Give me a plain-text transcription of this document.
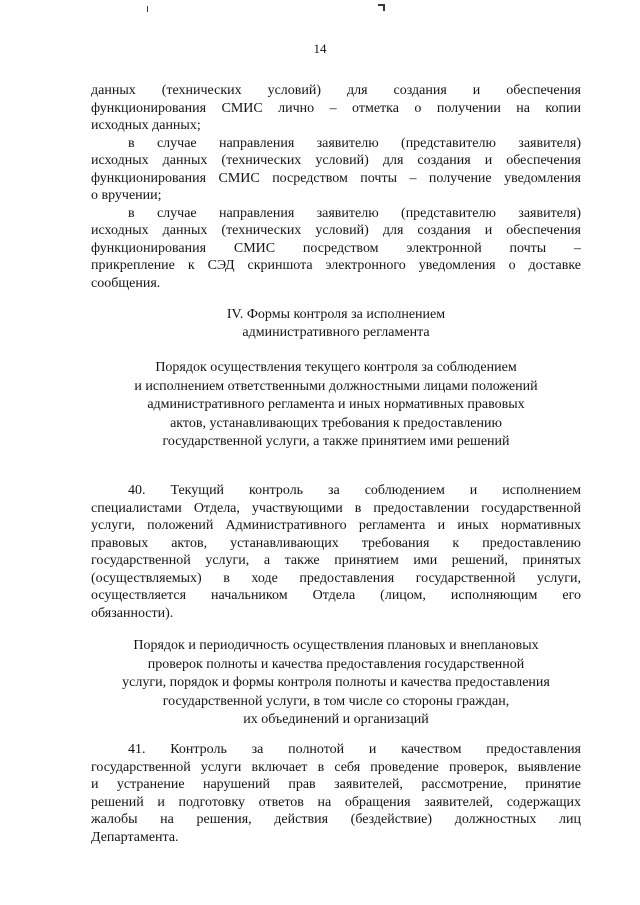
14
данных (технических условий) для создания и обеспечения
функционирования СМИС лично – отметка о получении на копии
исходных данных;
в случае направления заявителю (представителю заявителя)
исходных данных (технических условий) для создания и обеспечения
функционирования СМИС посредством почты – получение уведомления
о вручении;
в случае направления заявителю (представителю заявителя)
исходных данных (технических условий) для создания и обеспечения
функционирования СМИС посредством электронной почты –
прикрепление к СЭД скриншота электронного уведомления о доставке
сообщения.
IV. Формы контроля за исполнением
административного регламента
Порядок осуществления текущего контроля за соблюдением
и исполнением ответственными должностными лицами положений
административного регламента и иных нормативных правовых
актов, устанавливающих требования к предоставлению
государственной услуги, а также принятием ими решений
40. Текущий контроль за соблюдением и исполнением
специалистами Отдела, участвующими в предоставлении государственной
услуги, положений Административного регламента и иных нормативных
правовых актов, устанавливающих требования к предоставлению
государственной услуги, а также принятием ими решений, принятых
(осуществляемых) в ходе предоставления государственной услуги,
осуществляется начальником Отдела (лицом, исполняющим его
обязанности).
Порядок и периодичность осуществления плановых и внеплановых
проверок полноты и качества предоставления государственной
услуги, порядок и формы контроля полноты и качества предоставления
государственной услуги, в том числе со стороны граждан,
их объединений и организаций
41. Контроль за полнотой и качеством предоставления
государственной услуги включает в себя проведение проверок, выявление
и устранение нарушений прав заявителей, рассмотрение, принятие
решений и подготовку ответов на обращения заявителей, содержащих
жалобы на решения, действия (бездействие) должностных лиц
Департамента.
